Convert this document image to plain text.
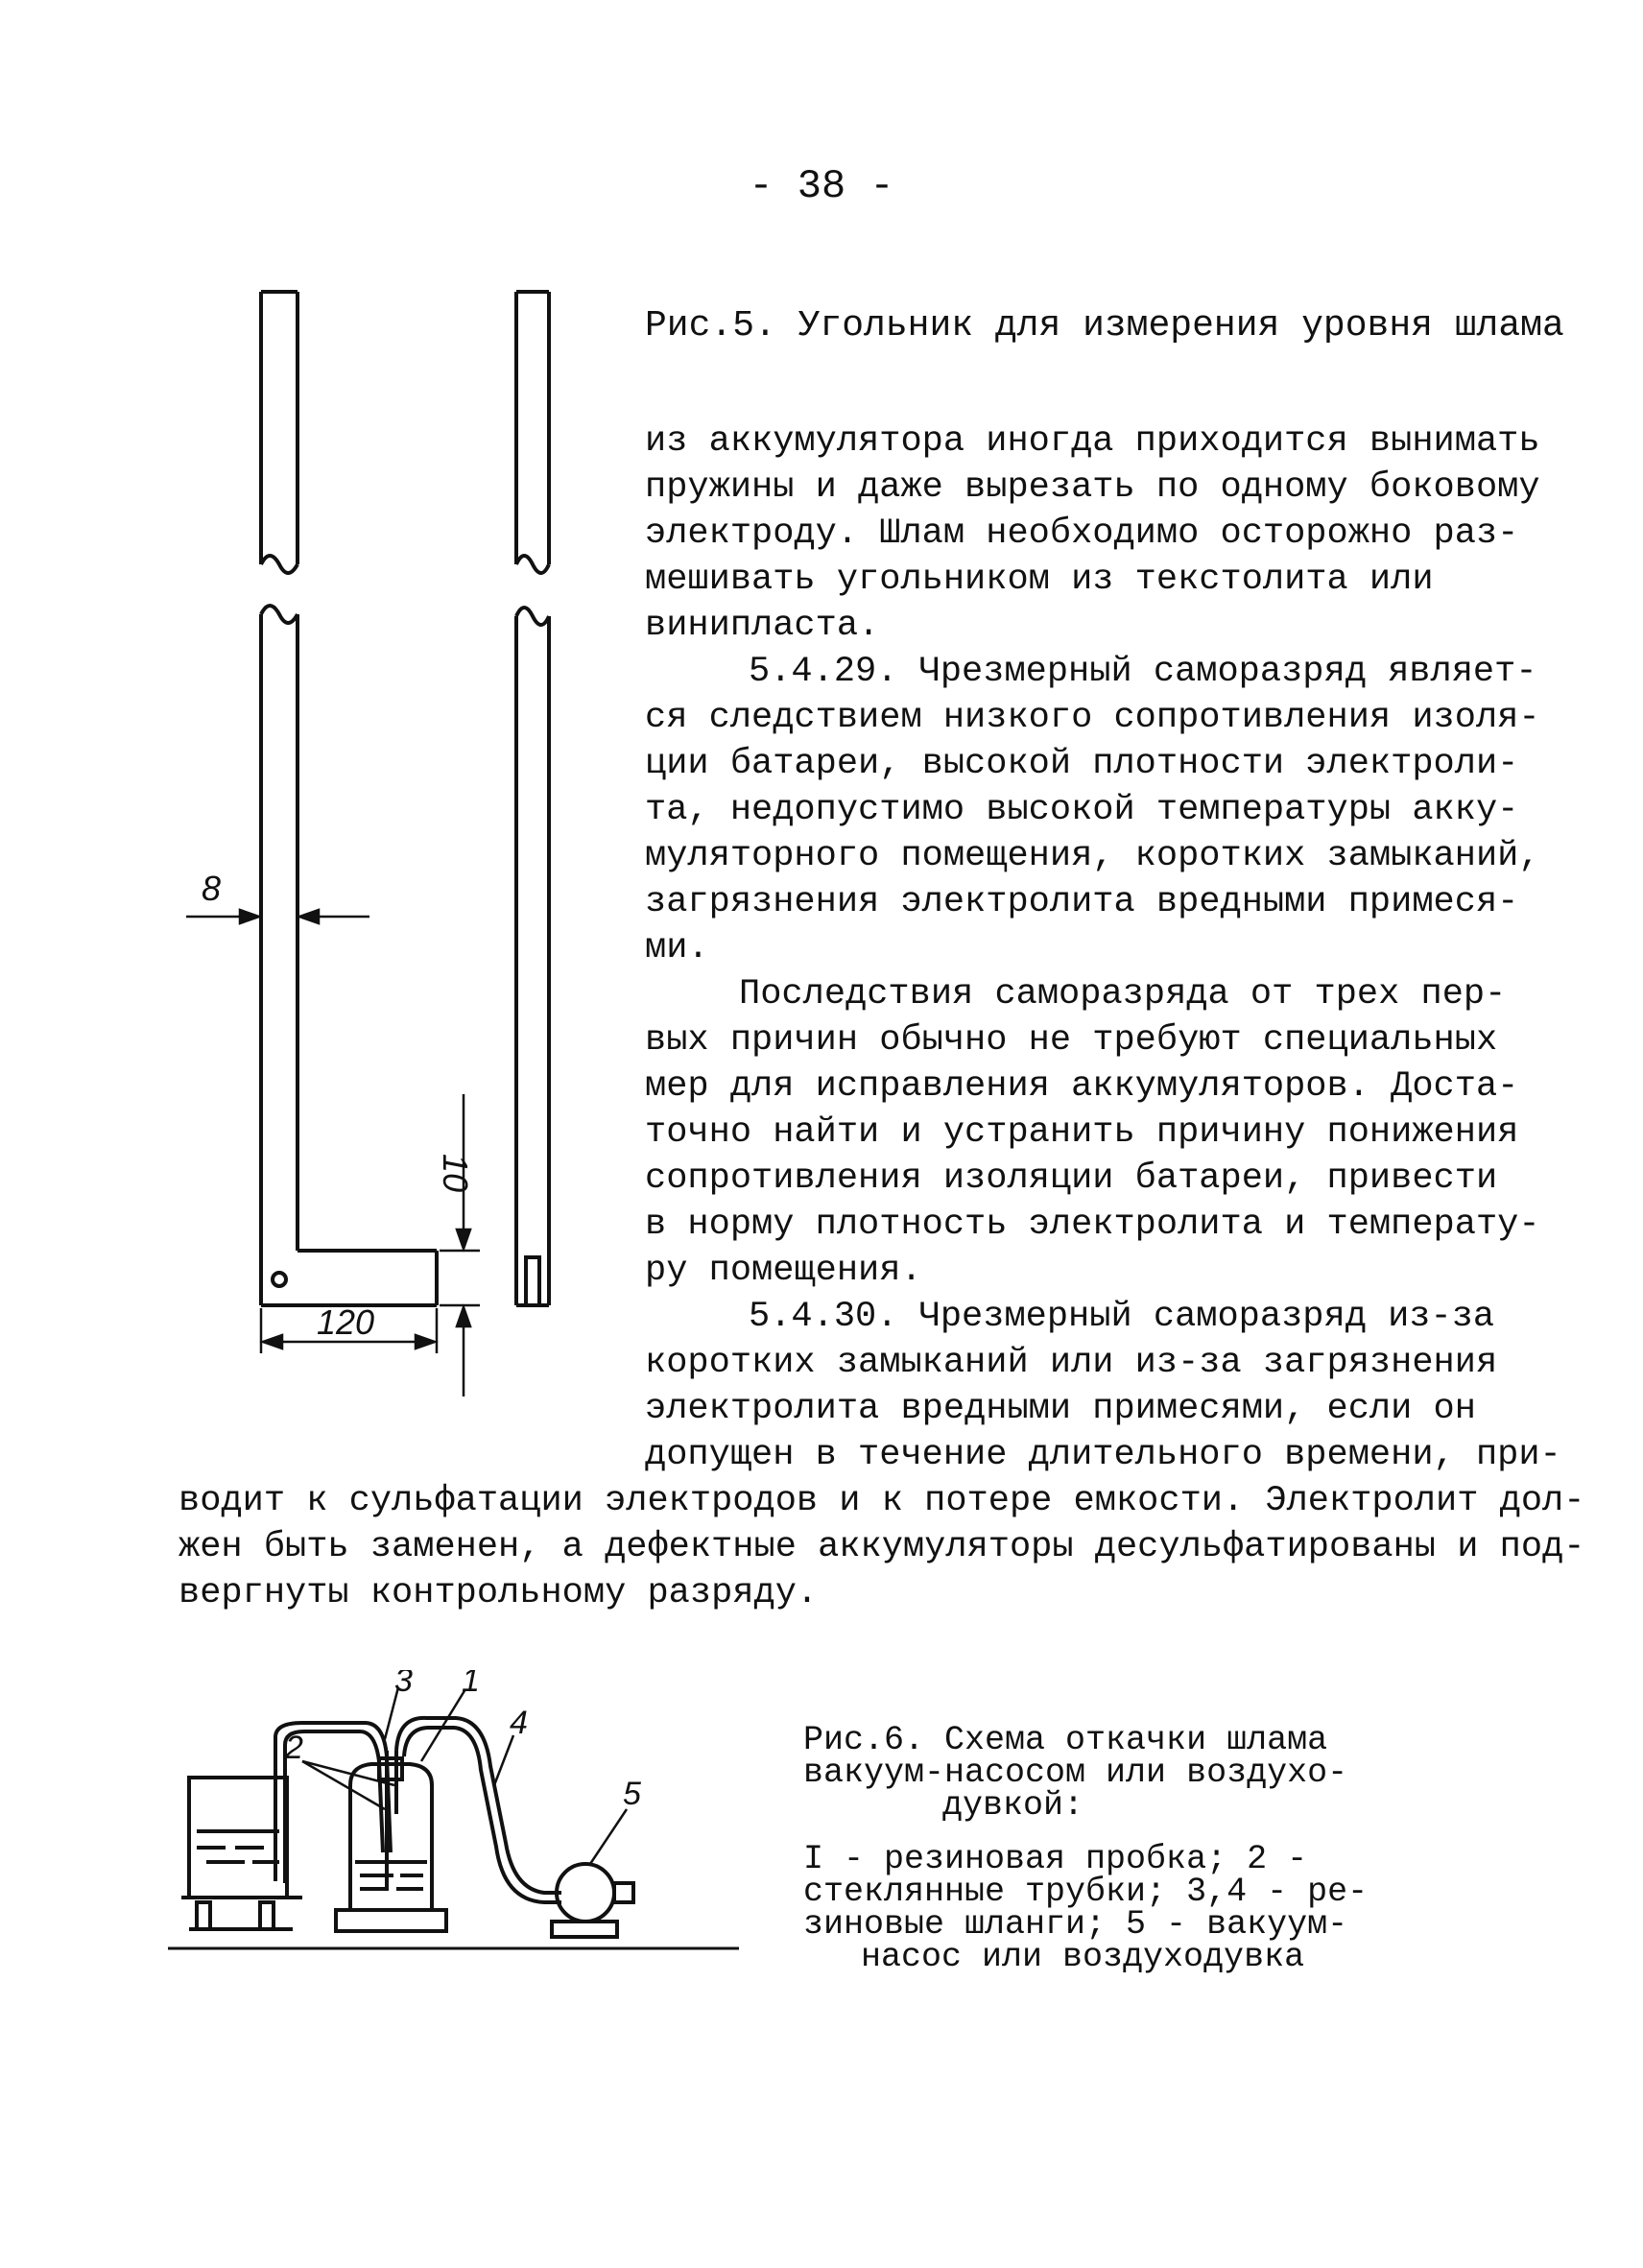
- 38 -
8
10
120
Рис.5. Угольник для измерения уровня шлама
из аккумулятора иногда приходится вынимать
пружины и даже вырезать по одному боковому
электроду. Шлам необходимо осторожно раз-
мешивать угольником из текстолита или
винипласта.
5.4.29. Чрезмерный саморазряд являет-
ся следствием низкого сопротивления изоля-
ции батареи, высокой плотности электроли-
та, недопустимо высокой температуры акку-
муляторного помещения, коротких замыканий,
загрязнения электролита вредными примеся-
ми.
Последствия саморазряда от трех пер-
вых причин обычно не требуют специальных
мер для исправления аккумуляторов. Доста-
точно найти и устранить причину понижения
сопротивления изоляции батареи, привести
в норму плотность электролита и температу-
ру помещения.
5.4.30. Чрезмерный саморазряд из-за
коротких замыканий или из-за загрязнения
электролита вредными примесями, если он
допущен в течение длительного времени, при-
водит к сульфатации электродов и к потере емкости. Электролит дол-
жен быть заменен, а дефектные аккумуляторы десульфатированы и под-
вергнуты контрольному разряду.
3 1
2
4
5
Рис.6. Схема откачки шлама
вакуум-насосом или воздухо-
дувкой:
I - резиновая пробка; 2 -
стеклянные трубки; 3,4 - ре-
зиновые шланги; 5 - вакуум-
насос или воздуходувка
